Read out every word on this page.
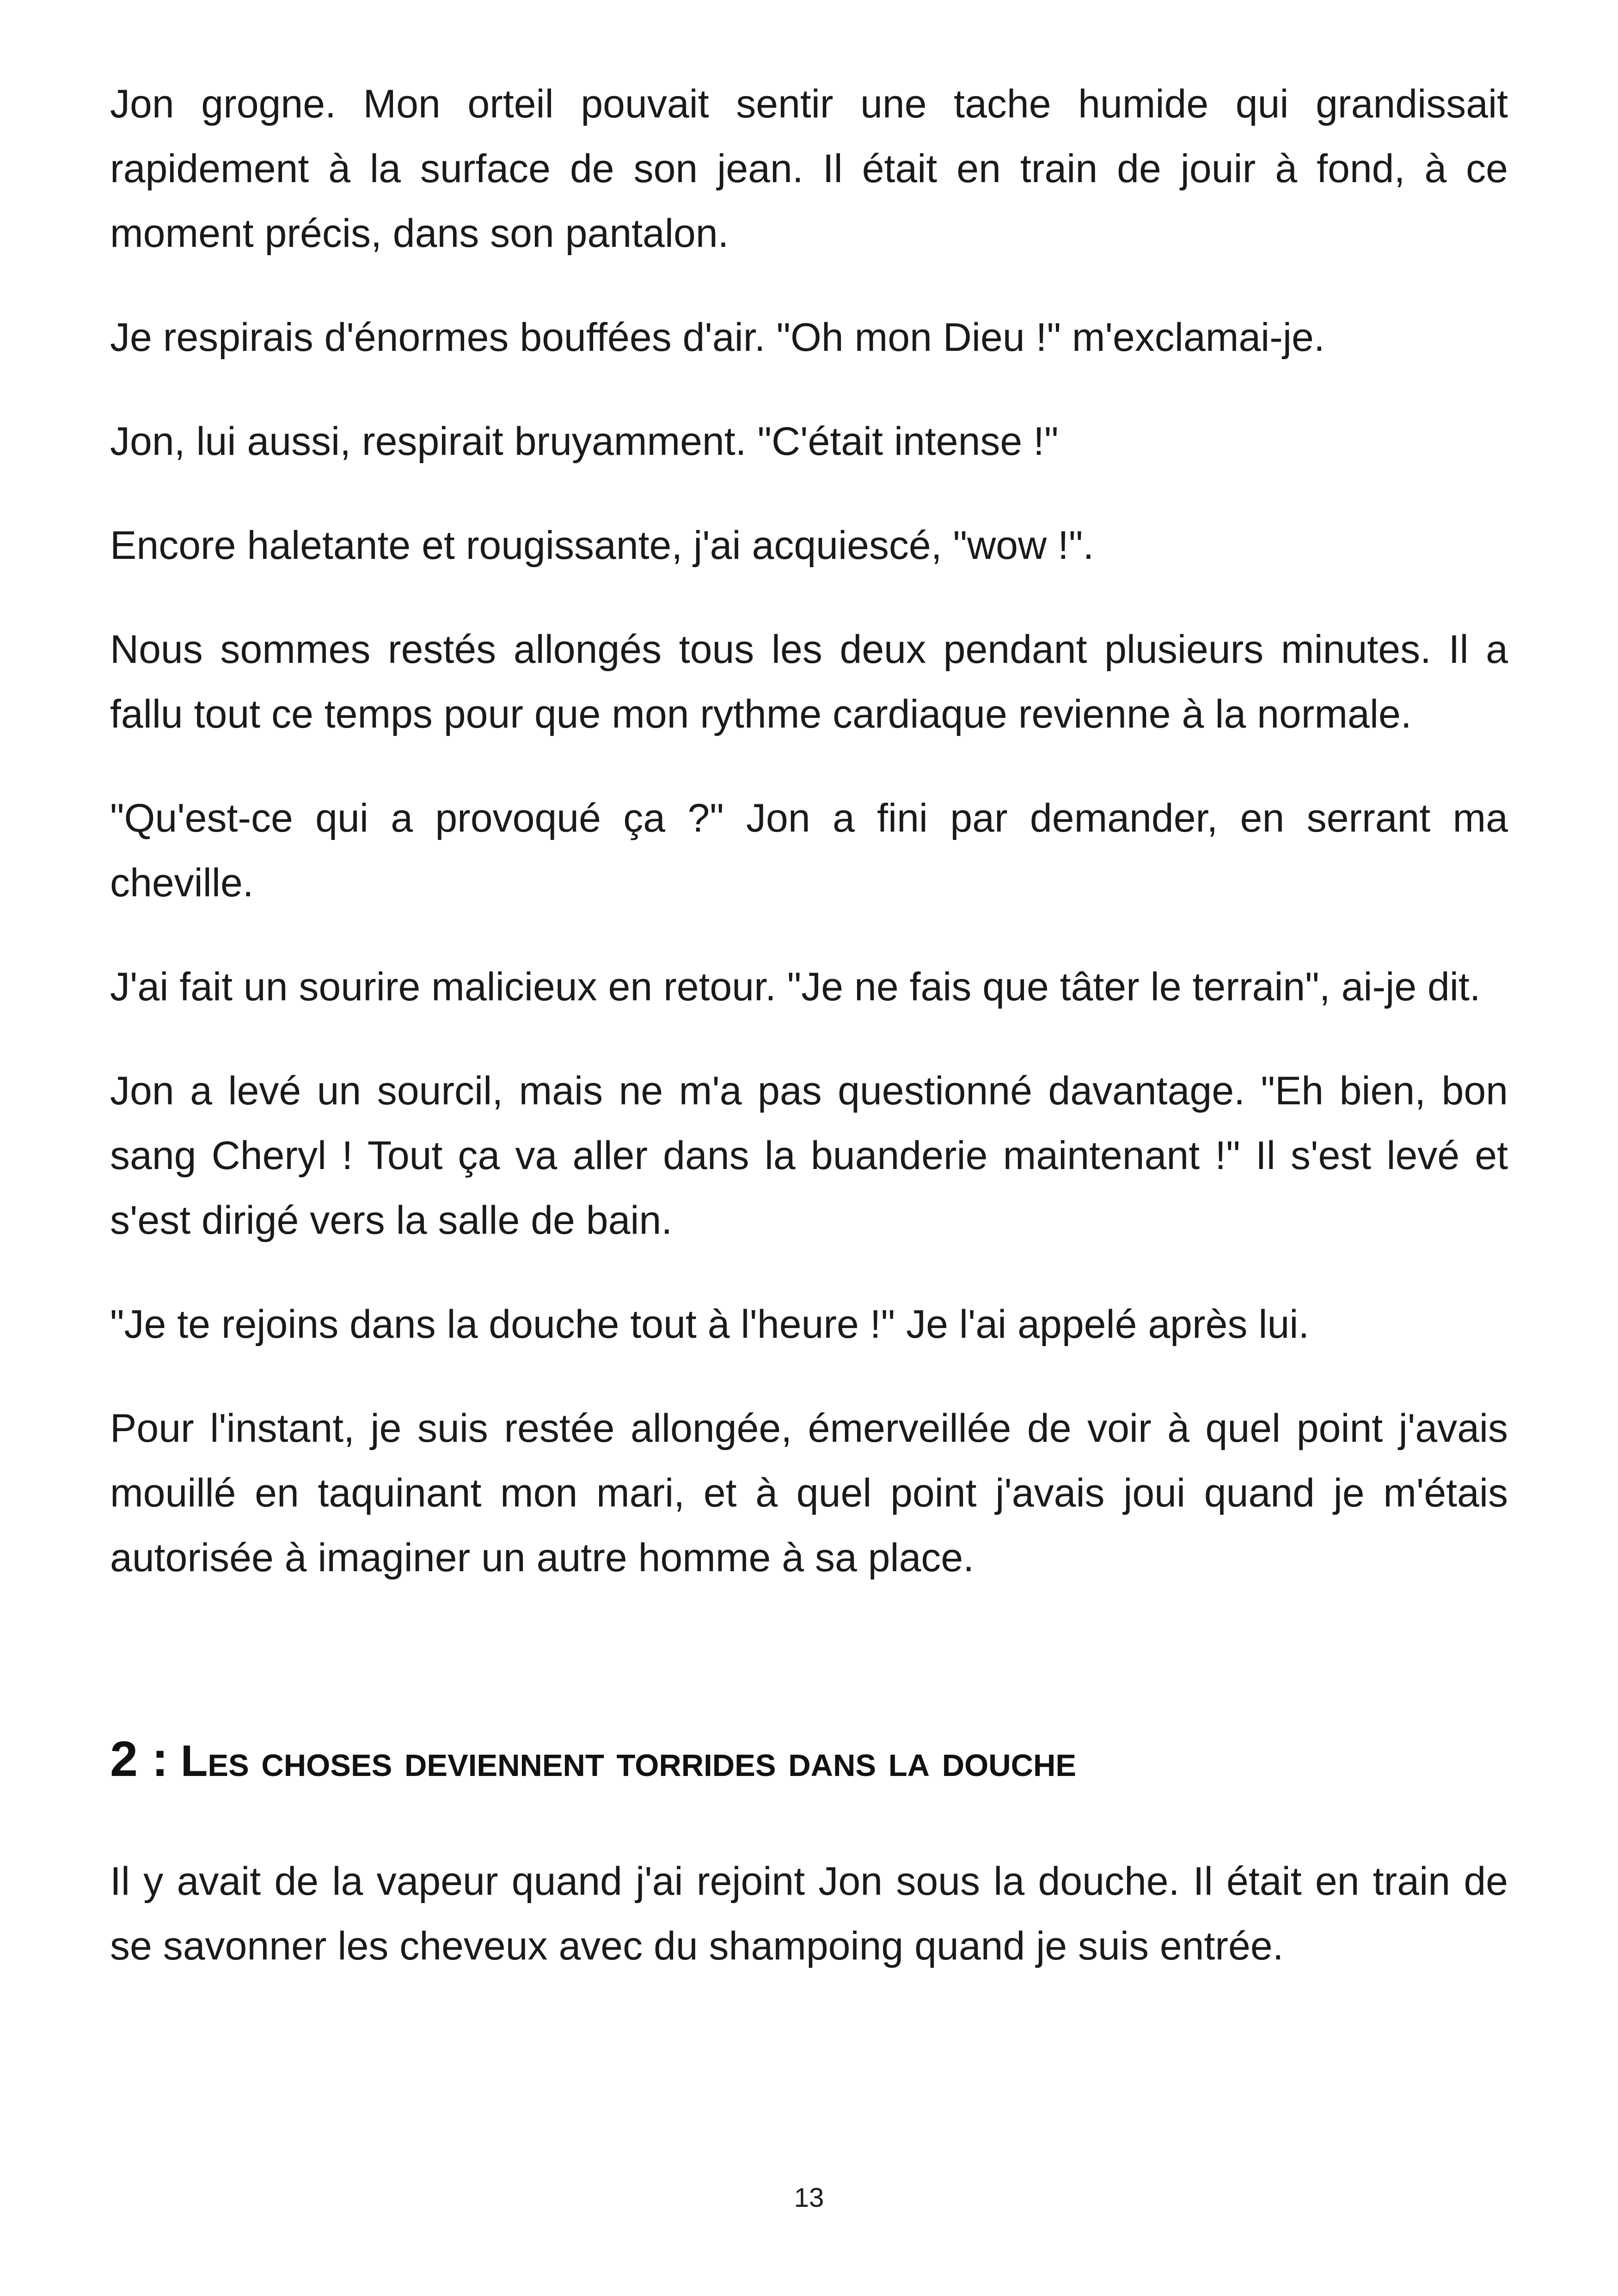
Jon grogne. Mon orteil pouvait sentir une tache humide qui grandissait rapidement à la surface de son jean. Il était en train de jouir à fond, à ce moment précis, dans son pantalon.

Je respirais d'énormes bouffées d'air. "Oh mon Dieu !" m'exclamai-je.

Jon, lui aussi, respirait bruyamment. "C'était intense !"

Encore haletante et rougissante, j'ai acquiescé, "wow !".

Nous sommes restés allongés tous les deux pendant plusieurs minutes. Il a fallu tout ce temps pour que mon rythme cardiaque revienne à la normale.

"Qu'est-ce qui a provoqué ça ?" Jon a fini par demander, en serrant ma cheville.

J'ai fait un sourire malicieux en retour. "Je ne fais que tâter le terrain", ai-je dit.

Jon a levé un sourcil, mais ne m'a pas questionné davantage. "Eh bien, bon sang Cheryl ! Tout ça va aller dans la buanderie maintenant !" Il s'est levé et s'est dirigé vers la salle de bain.

"Je te rejoins dans la douche tout à l'heure !" Je l'ai appelé après lui.

Pour l'instant, je suis restée allongée, émerveillée de voir à quel point j'avais mouillé en taquinant mon mari, et à quel point j'avais joui quand je m'étais autorisée à imaginer un autre homme à sa place.

2 : Les choses deviennent torrides dans la douche

Il y avait de la vapeur quand j'ai rejoint Jon sous la douche. Il était en train de se savonner les cheveux avec du shampoing quand je suis entrée.

13
